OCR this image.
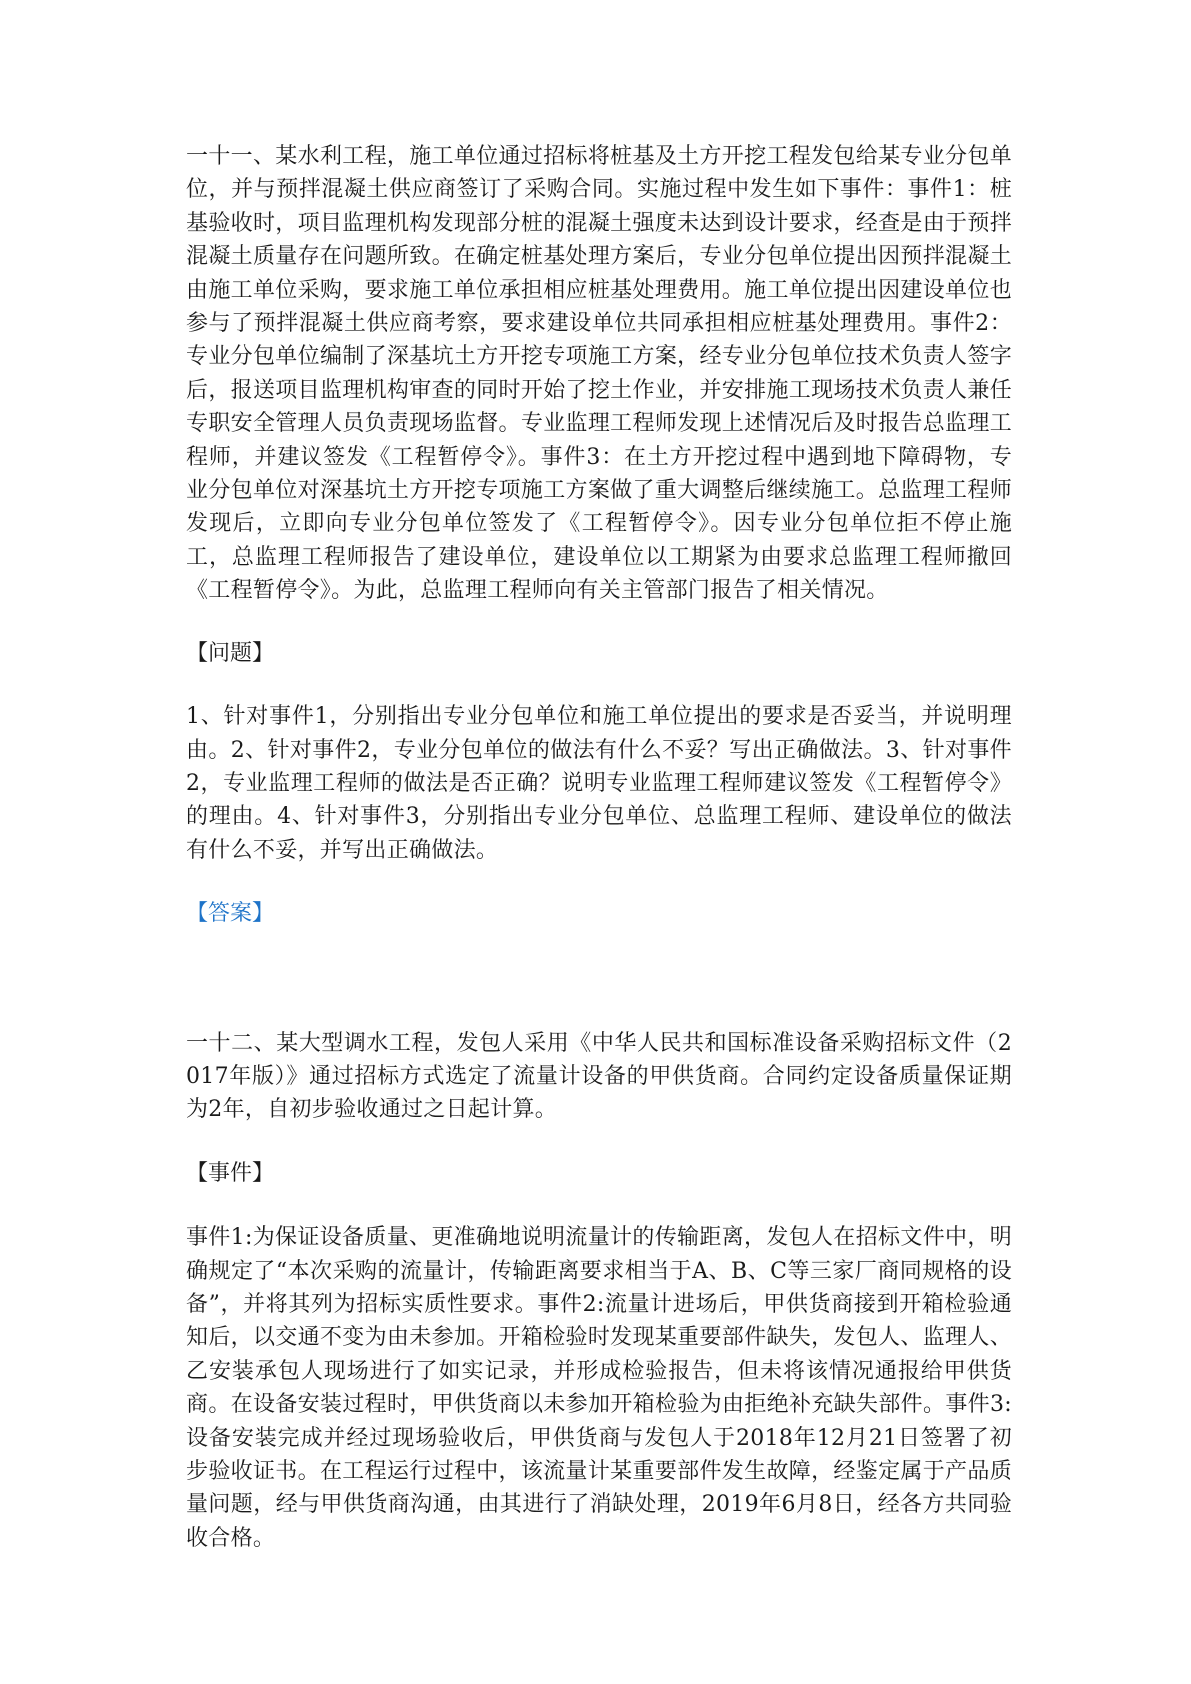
一十一、某水利工程，施工单位通过招标将桩基及土方开挖工程发包给某专业分包单位，并与预拌混凝土供应商签订了采购合同。实施过程中发生如下事件：事件1：桩基验收时，项目监理机构发现部分桩的混凝土强度未达到设计要求，经查是由于预拌混凝土质量存在问题所致。在确定桩基处理方案后，专业分包单位提出因预拌混凝土由施工单位采购，要求施工单位承担相应桩基处理费用。施工单位提出因建设单位也参与了预拌混凝土供应商考察，要求建设单位共同承担相应桩基处理费用。事件2：专业分包单位编制了深基坑土方开挖专项施工方案，经专业分包单位技术负责人签字后，报送项目监理机构审查的同时开始了挖土作业，并安排施工现场技术负责人兼任专职安全管理人员负责现场监督。专业监理工程师发现上述情况后及时报告总监理工程师，并建议签发《工程暂停令》。事件3：在土方开挖过程中遇到地下障碍物，专业分包单位对深基坑土方开挖专项施工方案做了重大调整后继续施工。总监理工程师发现后，立即向专业分包单位签发了《工程暂停令》。因专业分包单位拒不停止施工，总监理工程师报告了建设单位，建设单位以工期紧为由要求总监理工程师撤回《工程暂停令》。为此，总监理工程师向有关主管部门报告了相关情况。

【问题】

1、针对事件1，分别指出专业分包单位和施工单位提出的要求是否妥当，并说明理由。2、针对事件2，专业分包单位的做法有什么不妥？写出正确做法。3、针对事件2，专业监理工程师的做法是否正确？说明专业监理工程师建议签发《工程暂停令》的理由。4、针对事件3，分别指出专业分包单位、总监理工程师、建设单位的做法有什么不妥，并写出正确做法。

【答案】

一十二、某大型调水工程，发包人采用《中华人民共和国标准设备采购招标文件（2017年版）》通过招标方式选定了流量计设备的甲供货商。合同约定设备质量保证期为2年，自初步验收通过之日起计算。

【事件】

事件1:为保证设备质量、更准确地说明流量计的传输距离，发包人在招标文件中，明确规定了“本次采购的流量计，传输距离要求相当于A、B、C等三家厂商同规格的设备”，并将其列为招标实质性要求。事件2:流量计进场后，甲供货商接到开箱检验通知后，以交通不变为由未参加。开箱检验时发现某重要部件缺失，发包人、监理人、乙安装承包人现场进行了如实记录，并形成检验报告，但未将该情况通报给甲供货商。在设备安装过程时，甲供货商以未参加开箱检验为由拒绝补充缺失部件。事件3:设备安装完成并经过现场验收后，甲供货商与发包人于2018年12月21日签署了初步验收证书。在工程运行过程中，该流量计某重要部件发生故障，经鉴定属于产品质量问题，经与甲供货商沟通，由其进行了消缺处理，2019年6月8日，经各方共同验收合格。
